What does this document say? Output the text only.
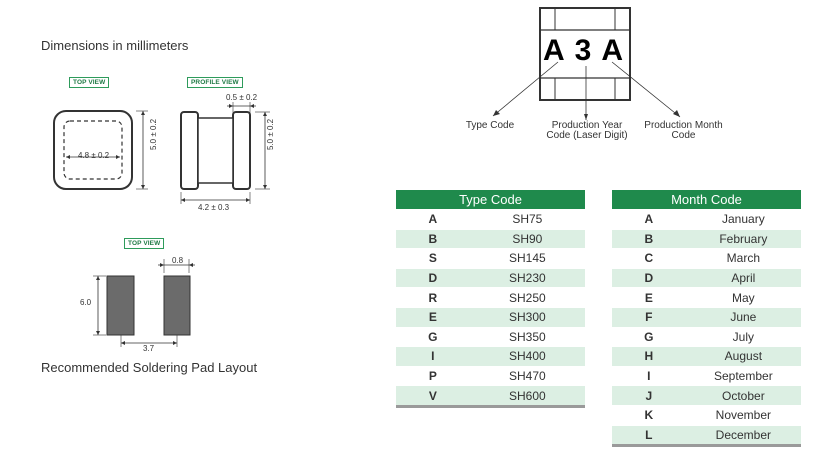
Dimensions in millimeters
TOP VIEW	PROFILE VIEW
TOP VIEW
4.8 ± 0.2
5.0 ± 0.2
0.5 ± 0.2
5.0 ± 0.2
4.2 ± 0.3
0.8
6.0
3.7
Recommended Soldering Pad Layout
A 3 A
Type Code	Production Year
Code (Laser Digit)
Production Month
Code
Type Code	
A	SH75
B	SH90
S	SH145
D	SH230
R	SH250
E	SH300
G	SH350
I	SH400
P	SH470
V	SH600
Month Code	
A	January
B	February
C	March
D	April
E	May
F	June
G	July
H	August
I	September
J	October
K	November
L	December
